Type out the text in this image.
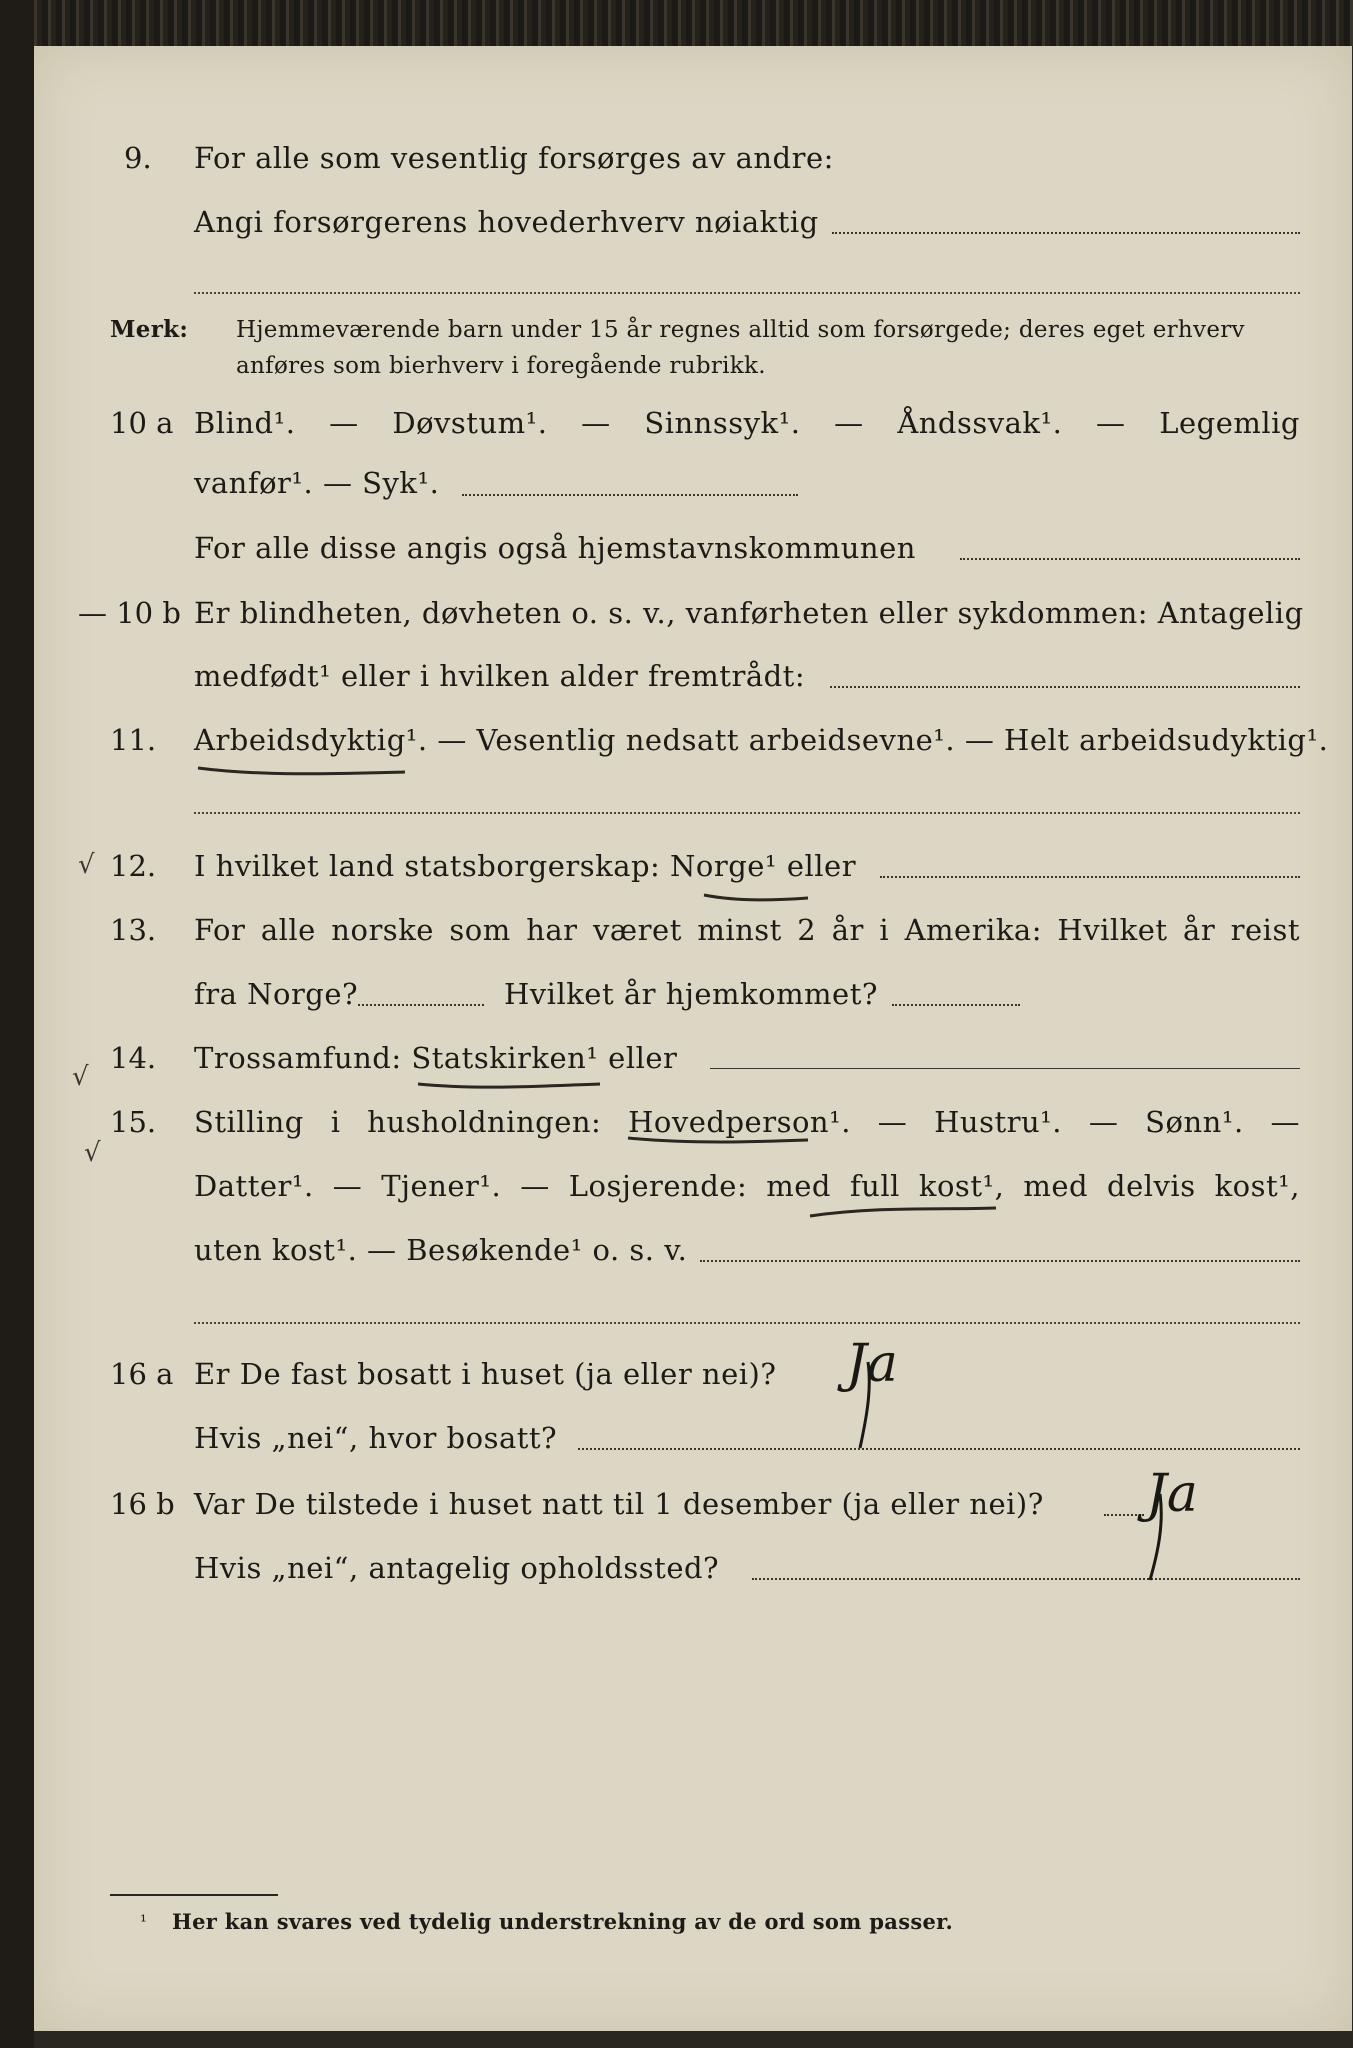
9. For alle som vesentlig forsørges av andre:
Angi forsørgerens hovederhverv nøiaktig
Merk: Hjemmeværende barn under 15 år regnes alltid som forsørgede; deres eget erhverv
anføres som bierhverv i foregående rubrikk.
10 a Blind¹. — Døvstum¹. — Sinnssyk¹. — Åndssvak¹. — Legemlig
vanfør¹. — Syk¹.
For alle disse angis også hjemstavnskommunen
— 10 b Er blindheten, døvheten o. s. v., vanførheten eller sykdommen: Antagelig
medfødt¹ eller i hvilken alder fremtrådt:
11. Arbeidsdyktig¹. — Vesentlig nedsatt arbeidsevne¹. — Helt arbeidsudyktig¹.
√ 12. I hvilket land statsborgerskap: Norge¹ eller
13. For alle norske som har været minst 2 år i Amerika: Hvilket år reist
fra Norge?	Hvilket år hjemkommet?
√
14. Trossamfund: Statskirken¹ eller
√
15. Stilling i husholdningen: Hovedperson¹. — Hustru¹. — Sønn¹. —
Datter¹. — Tjener¹. — Losjerende: med full kost¹, med delvis kost¹,
uten kost¹. — Besøkende¹ o. s. v.
16 a Er De fast bosatt i huset (ja eller nei)? Ja
Hvis „nei“, hvor bosatt?
16 b Var De tilstede i huset natt til 1 desember (ja eller nei)? Ja
Hvis „nei“, antagelig opholdssted?
¹ Her kan svares ved tydelig understrekning av de ord som passer.
